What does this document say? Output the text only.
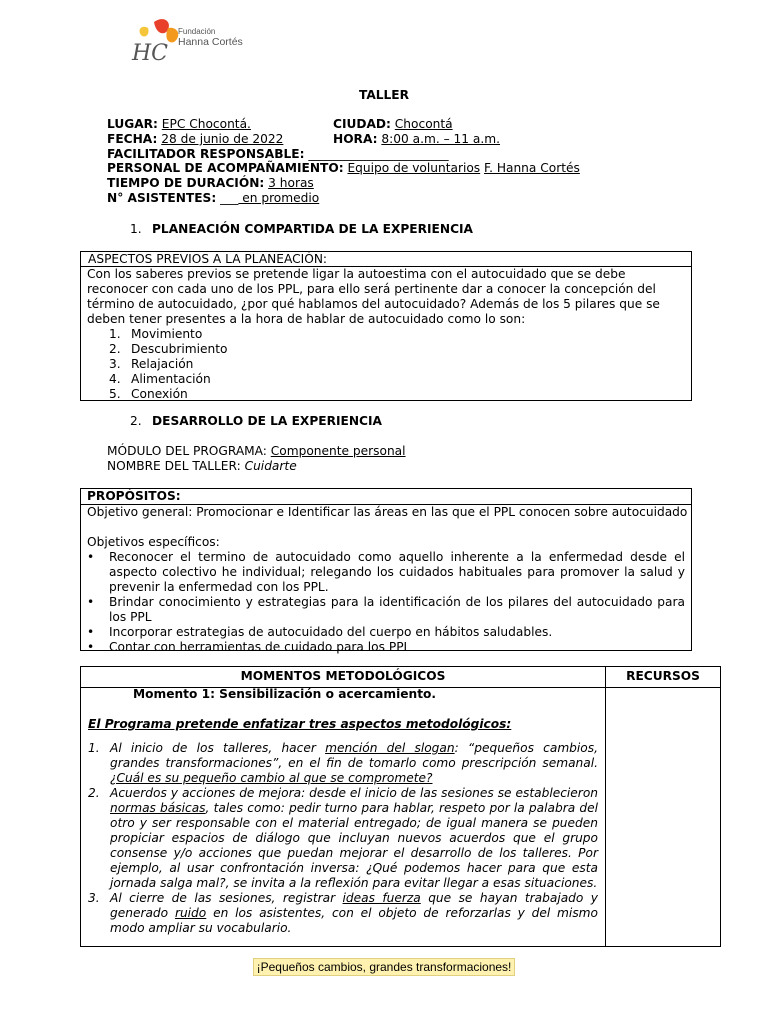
HC
Fundación
Hanna Cortés
TALLER
LUGAR: EPC Chocontá.	CIUDAD: Chocontá
FECHA: 28 de junio de 2022	HORA: 8:00 a.m. – 11 a.m.
FACILITADOR RESPONSABLE: _______________________
PERSONAL DE ACOMPAÑAMIENTO: Equipo de voluntarios F. Hanna Cortés
TIEMPO DE DURACIÓN: 3 horas
N° ASISTENTES: ___ en promedio
1. PLANEACIÓN COMPARTIDA DE LA EXPERIENCIA
ASPECTOS PREVIOS A LA PLANEACIÓN:
Con los saberes previos se pretende ligar la autoestima con el autocuidado que se debe
reconocer con cada uno de los PPL, para ello será pertinente dar a conocer la concepción del
término de autocuidado, ¿por qué hablamos del autocuidado? Además de los 5 pilares que se
deben tener presentes a la hora de hablar de autocuidado como lo son:
1. Movimiento
2. Descubrimiento
3. Relajación
4. Alimentación
5. Conexión
2. DESARROLLO DE LA EXPERIENCIA
MÓDULO DEL PROGRAMA: Componente personal
NOMBRE DEL TALLER: Cuidarte
PROPÓSITOS:
Objetivo general: Promocionar e Identificar las áreas en las que el PPL conocen sobre autocuidado
Objetivos específicos:
•	Reconocer el termino de autocuidado como aquello inherente a la enfermedad desde el aspecto colectivo he individual; relegando los cuidados habituales para promover la salud y prevenir la enfermedad con los PPL.
•	Brindar conocimiento y estrategias para la identificación de los pilares del autocuidado para los PPL
•	Incorporar estrategias de autocuidado del cuerpo en hábitos saludables.
•	Contar con herramientas de cuidado para los PPL
MOMENTOS METODOLÓGICOS	RECURSOS
Momento 1: Sensibilización o acercamiento.
El Programa pretende enfatizar tres aspectos metodológicos:
1. Al inicio de los talleres, hacer mención del slogan: “pequeños cambios, grandes transformaciones”, en el fin de tomarlo como prescripción semanal. ¿Cuál es su pequeño cambio al que se compromete?
2. Acuerdos y acciones de mejora: desde el inicio de las sesiones se establecieron normas básicas, tales como: pedir turno para hablar, respeto por la palabra del otro y ser responsable con el material entregado; de igual manera se pueden propiciar espacios de diálogo que incluyan nuevos acuerdos que el grupo consense y/o acciones que puedan mejorar el desarrollo de los talleres. Por ejemplo, al usar confrontación inversa: ¿Qué podemos hacer para que esta jornada salga mal?, se invita a la reflexión para evitar llegar a esas situaciones.
3. Al cierre de las sesiones, registrar ideas fuerza que se hayan trabajado y generado ruido en los asistentes, con el objeto de reforzarlas y del mismo modo ampliar su vocabulario.
¡Pequeños cambios, grandes transformaciones!
